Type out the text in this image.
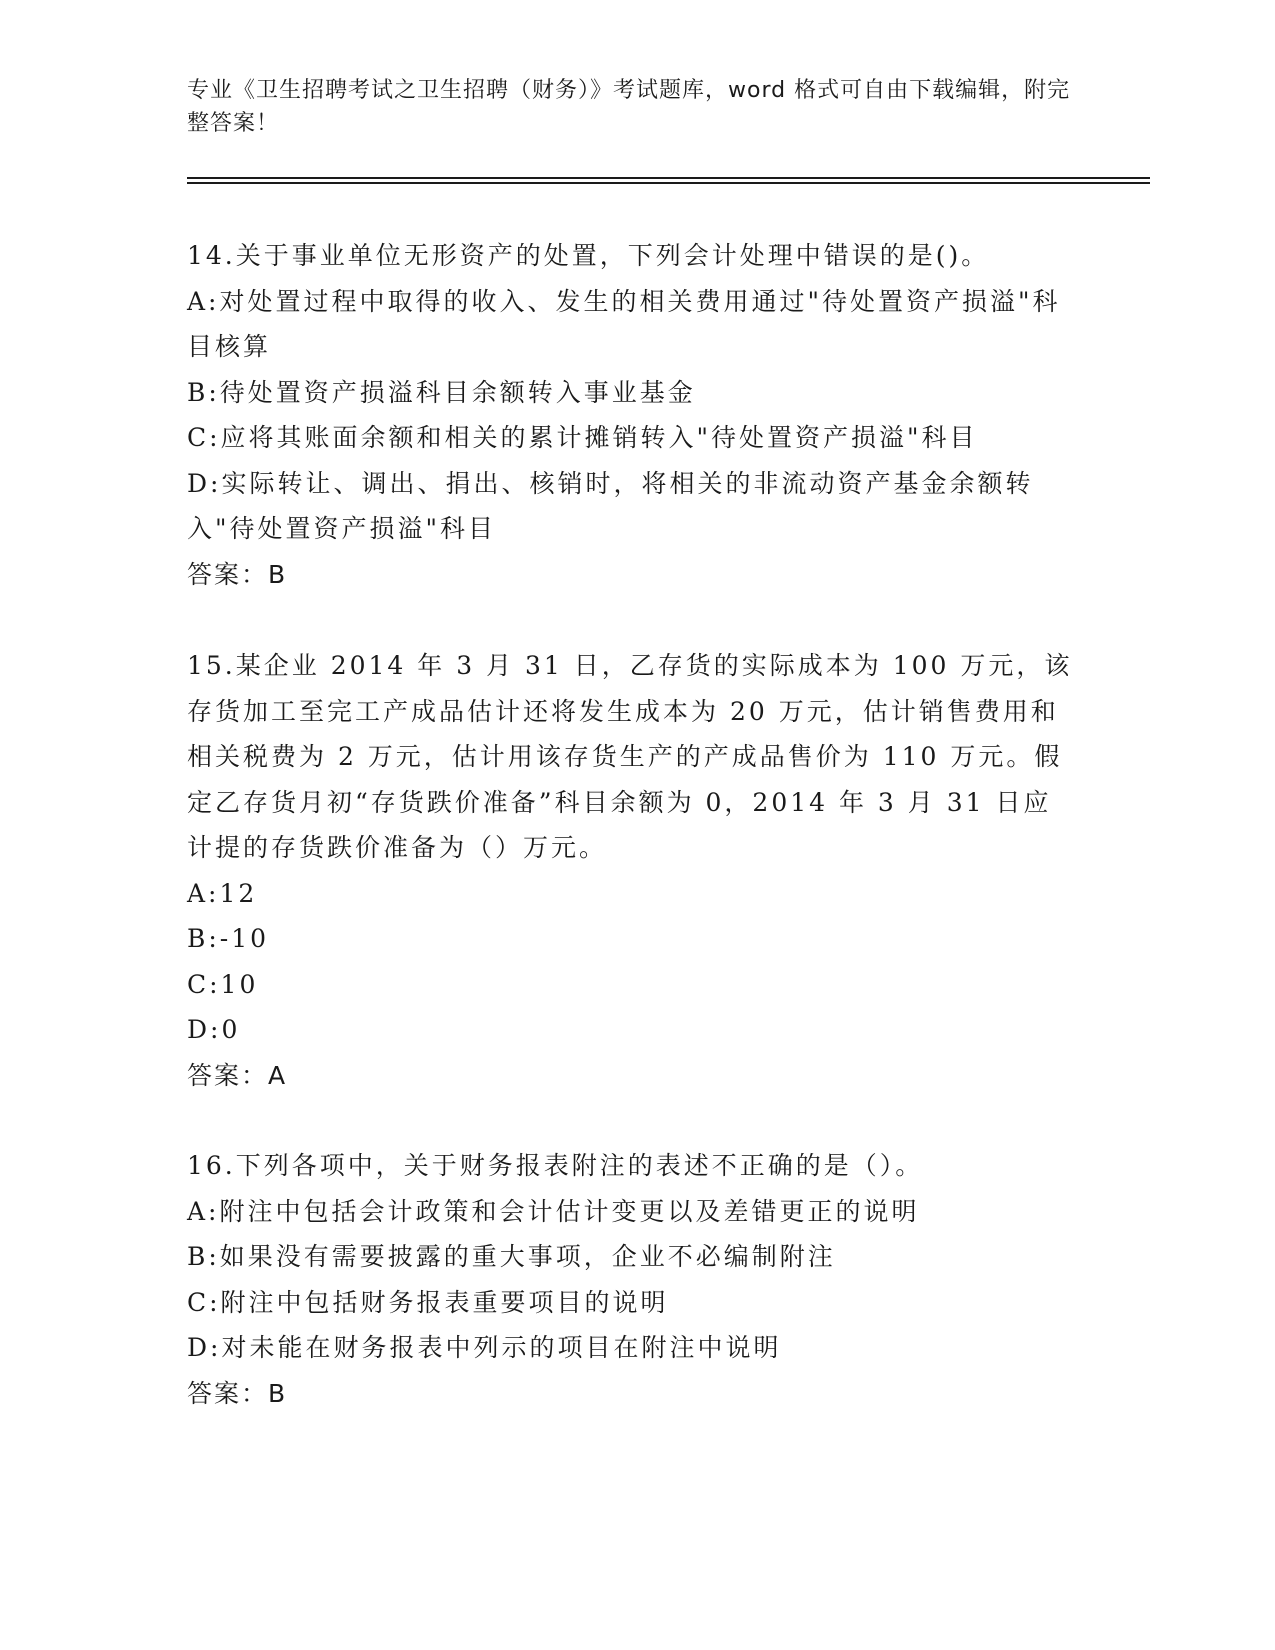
专业《卫生招聘考试之卫生招聘（财务）》考试题库，word 格式可自由下载编辑，附完整答案！
14.关于事业单位无形资产的处置，下列会计处理中错误的是()。
A:对处置过程中取得的收入、发生的相关费用通过"待处置资产损溢"科目核算
B:待处置资产损溢科目余额转入事业基金
C:应将其账面余额和相关的累计摊销转入"待处置资产损溢"科目
D:实际转让、调出、捐出、核销时，将相关的非流动资产基金余额转入"待处置资产损溢"科目
答案：B
15.某企业 2014 年 3 月 31 日，乙存货的实际成本为 100 万元，该存货加工至完工产成品估计还将发生成本为 20 万元，估计销售费用和相关税费为 2 万元，估计用该存货生产的产成品售价为 110 万元。假定乙存货月初“存货跌价准备”科目余额为 0，2014 年 3 月 31 日应计提的存货跌价准备为（）万元。
A:12
B:-10
C:10
D:0
答案：A
16.下列各项中，关于财务报表附注的表述不正确的是（）。
A:附注中包括会计政策和会计估计变更以及差错更正的说明
B:如果没有需要披露的重大事项，企业不必编制附注
C:附注中包括财务报表重要项目的说明
D:对未能在财务报表中列示的项目在附注中说明
答案：B
